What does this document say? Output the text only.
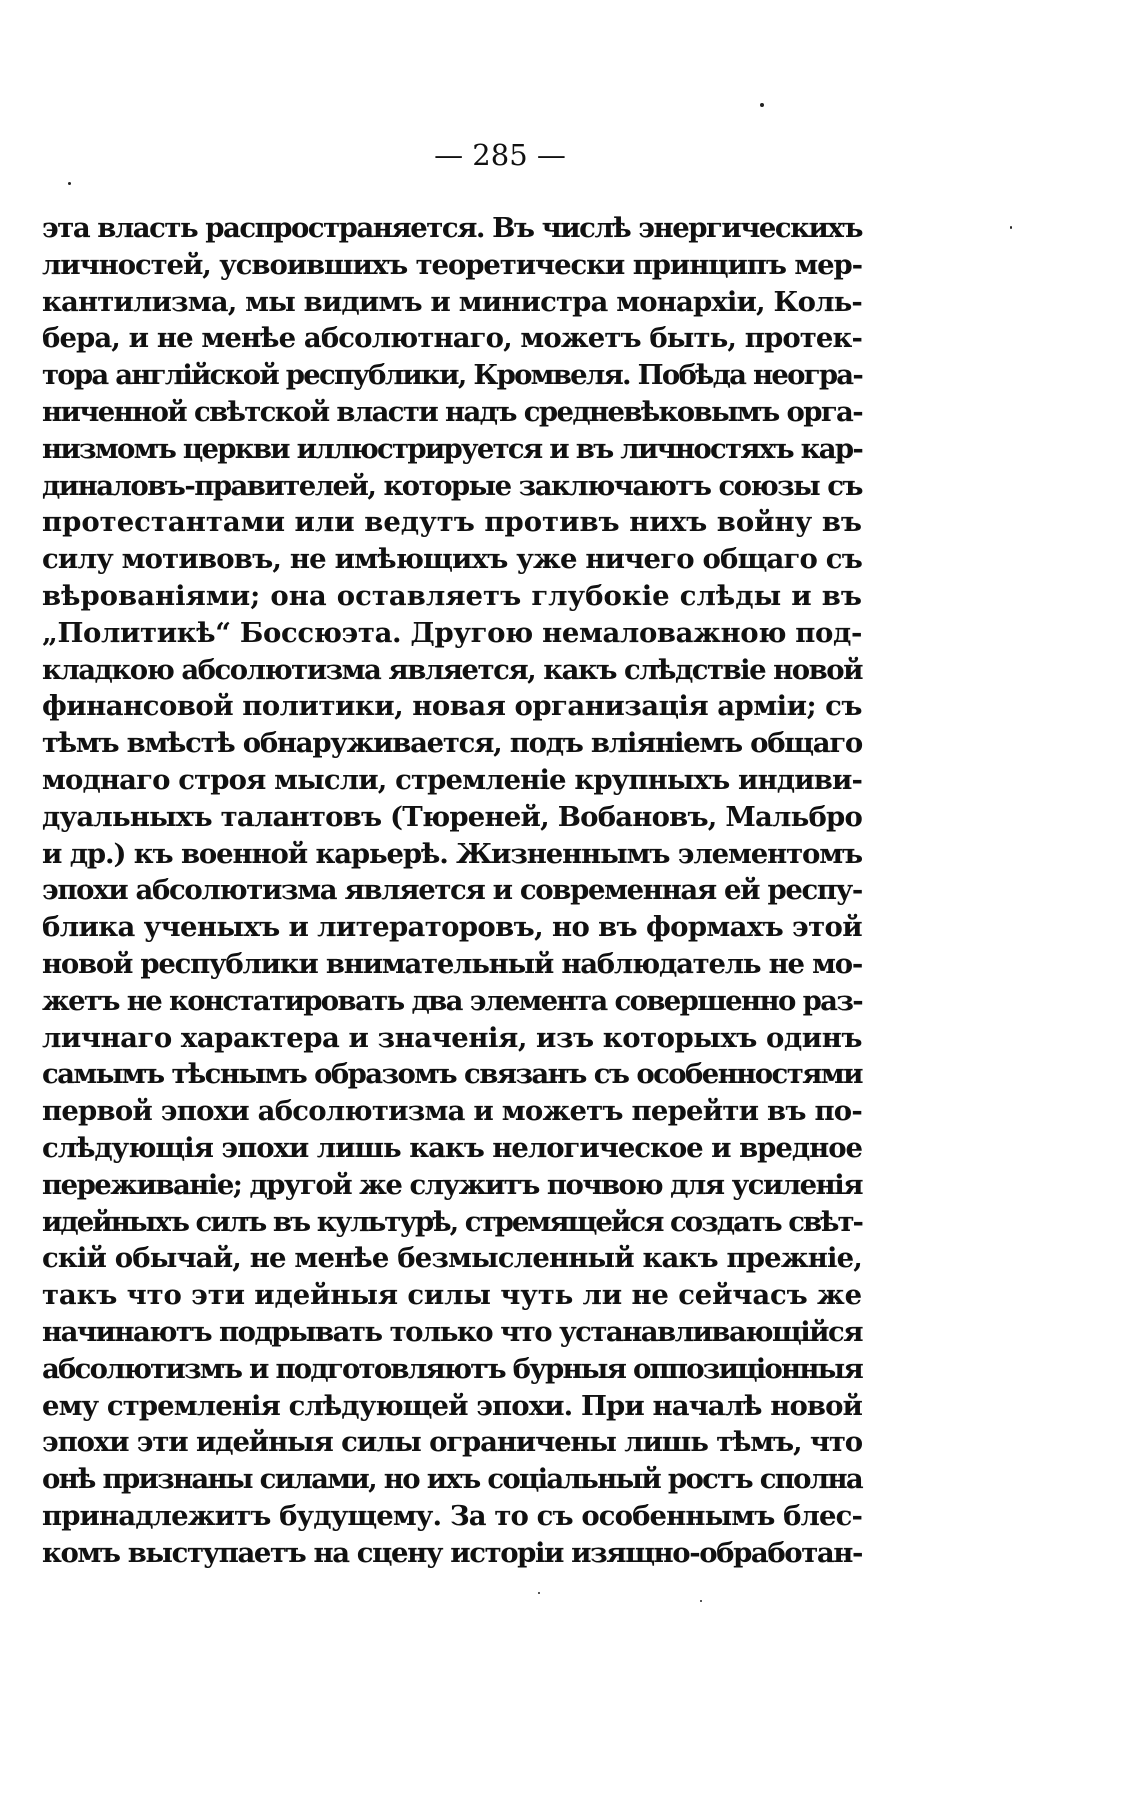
— 285 —
эта власть распространяется. Въ числѣ энергическихъ
личностей, усвоившихъ теоретически принципъ мер-
кантилизма, мы видимъ и министра монархіи, Коль-
бера, и не менѣе абсолютнаго, можетъ быть, протек-
тора англійской республики, Кромвеля. Побѣда неогра-
ниченной свѣтской власти надъ средневѣковымъ орга-
низмомъ церкви иллюстрируется и въ личностяхъ кар-
диналовъ-правителей, которые заключаютъ союзы съ
протестантами или ведутъ противъ нихъ войну въ
силу мотивовъ, не имѣющихъ уже ничего общаго съ
вѣрованіями; она оставляетъ глубокіе слѣды и въ
„Политикѣ“ Боссюэта. Другою немаловажною под-
кладкою абсолютизма является, какъ слѣдствіе новой
финансовой политики, новая организація арміи; съ
тѣмъ вмѣстѣ обнаруживается, подъ вліяніемъ общаго
моднаго строя мысли, стремленіе крупныхъ индиви-
дуальныхъ талантовъ (Тюреней, Вобановъ, Мальбро
и др.) къ военной карьерѣ. Жизненнымъ элементомъ
эпохи абсолютизма является и современная ей респу-
блика ученыхъ и литераторовъ, но въ формахъ этой
новой республики внимательный наблюдатель не мо-
жетъ не констатировать два элемента совершенно раз-
личнаго характера и значенія, изъ которыхъ одинъ
самымъ тѣснымъ образомъ связанъ съ особенностями
первой эпохи абсолютизма и можетъ перейти въ по-
слѣдующія эпохи лишь какъ нелогическое и вредное
переживаніе; другой же служитъ почвою для усиленія
идейныхъ силъ въ культурѣ, стремящейся создать свѣт-
скій обычай, не менѣе безмысленный какъ прежніе,
такъ что эти идейныя силы чуть ли не сейчасъ же
начинаютъ подрывать только что устанавливающійся
абсолютизмъ и подготовляютъ бурныя оппозиціонныя
ему стремленія слѣдующей эпохи. При началѣ новой
эпохи эти идейныя силы ограничены лишь тѣмъ, что
онѣ признаны силами, но ихъ соціальный ростъ сполна
принадлежитъ будущему. За то съ особеннымъ блес-
комъ выступаетъ на сцену исторіи изящно-обработан-
